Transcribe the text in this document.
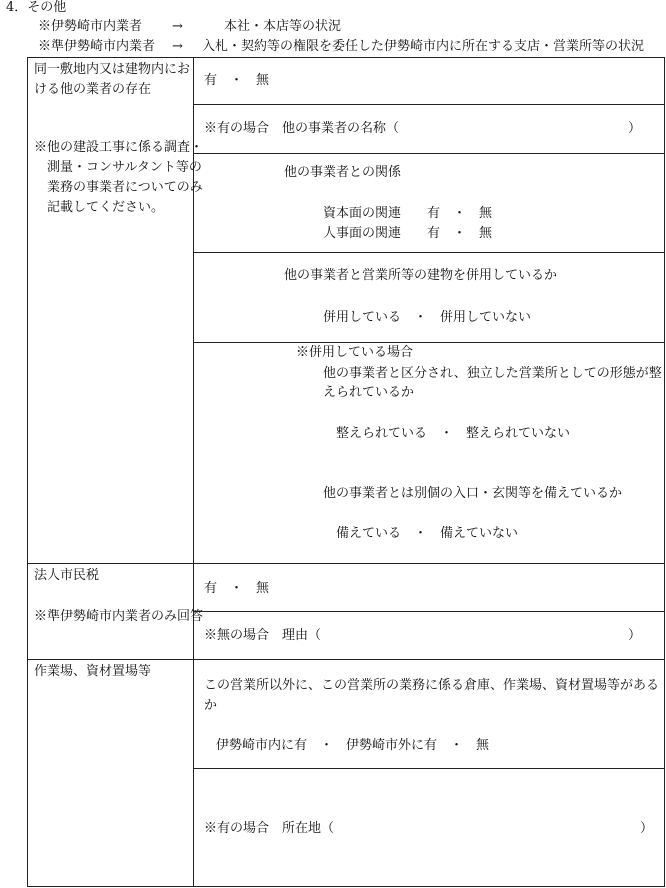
4．その他
※伊勢崎市内業者 →	本社・本店等の状況
※準伊勢崎市内業者 → 入札・契約等の権限を委任した伊勢崎市内に所在する支店・営業所等の状況
同一敷地内又は建物内における他の業者の存在
※他の建設工事に係る調査・測量・コンサルタント等の業務の事業者についてのみ記載してください。
有　・　無
※有の場合　他の事業者の名称（	）
他の事業者との関係
資本面の関連　　有　・　無
人事面の関連　　有　・　無
他の事業者と営業所等の建物を併用しているか
併用している　・　併用していない
※併用している場合
他の事業者と区分され、独立した営業所としての形態が整えられているか
整えられている　・　整えられていない
他の事業者とは別個の入口・玄関等を備えているか
備えている　・　備えていない
法人市民税
※準伊勢崎市内業者のみ回答
有　・　無
※無の場合　理由（	）
作業場、資材置場等
この営業所以外に、この営業所の業務に係る倉庫、作業場、資材置場等があるか
伊勢崎市内に有　・　伊勢崎市外に有　・　無
※有の場合　所在地（	）
